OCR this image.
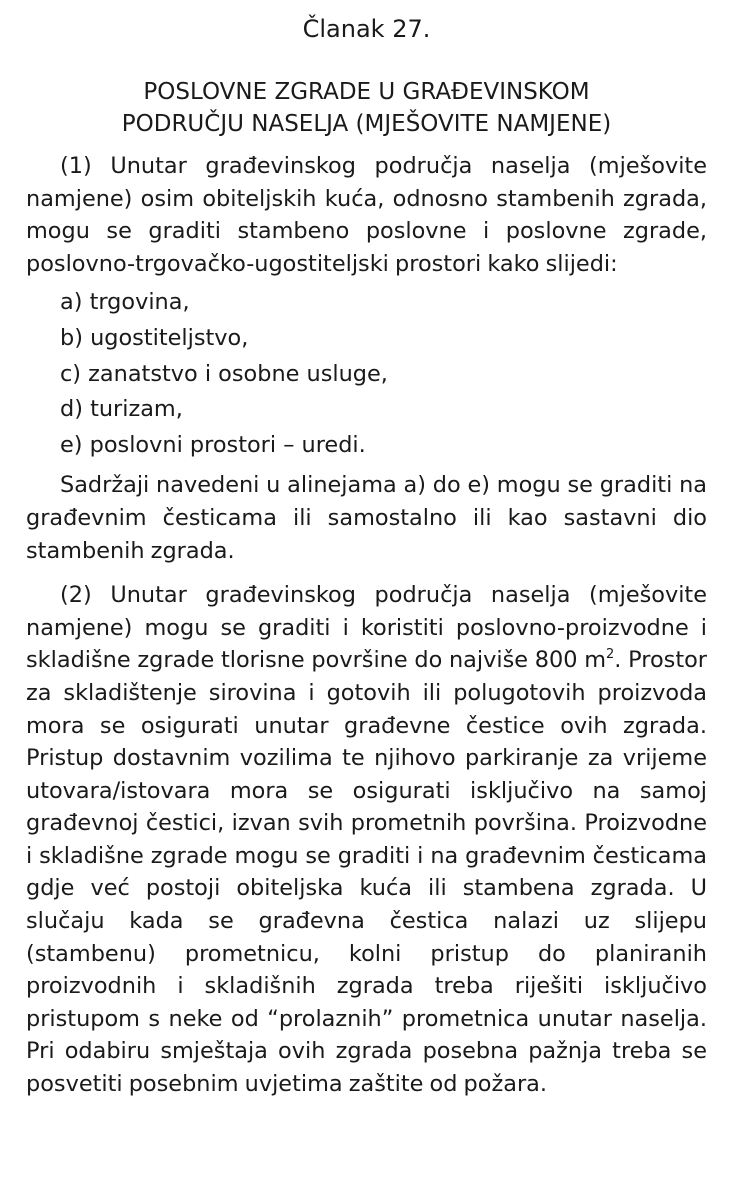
Članak 27.
POSLOVNE ZGRADE U GRAĐEVINSKOM
PODRUČJU NASELJA (MJEŠOVITE NAMJENE)

(1) Unutar građevinskog područja naselja (mješovite namjene) osim obiteljskih kuća, odnosno stambenih zgrada, mogu se graditi stambeno poslovne i poslovne zgrade, poslovno-trgovačko-ugostiteljski prostori kako slijedi:

a) trgovina,
b) ugostiteljstvo,
c) zanatstvo i osobne usluge,
d) turizam,
e) poslovni prostori – uredi.

Sadržaji navedeni u alinejama a) do e) mogu se graditi na građevnim česticama ili samostalno ili kao sastavni dio stambenih zgrada.

(2) Unutar građevinskog područja naselja (mješovite namjene) mogu se graditi i koristiti poslovno-proizvodne i skladišne zgrade tlorisne površine do najviše 800 $m^2$. Prostor za skladištenje sirovina i gotovih ili polugotovih proizvoda mora se osigurati unutar građevne čestice ovih zgrada. Pristup dostavnim vozilima te njihovo parkiranje za vrijeme utovara/istovara mora se osigurati isključivo na samoj građevnoj čestici, izvan svih prometnih površina. Proizvodne i skladišne zgrade mogu se graditi i na građevnim česticama gdje već postoji obiteljska kuća ili stambena zgrada. U slučaju kada se građevna čestica nalazi uz slijepu (stambenu) prometnicu, kolni pristup do planiranih proizvodnih i skladišnih zgrada treba riješiti isključivo pristupom s neke od “prolaznih” prometnica unutar naselja. Pri odabiru smještaja ovih zgrada posebna pažnja treba se posvetiti posebnim uvjetima zaštite od požara.
